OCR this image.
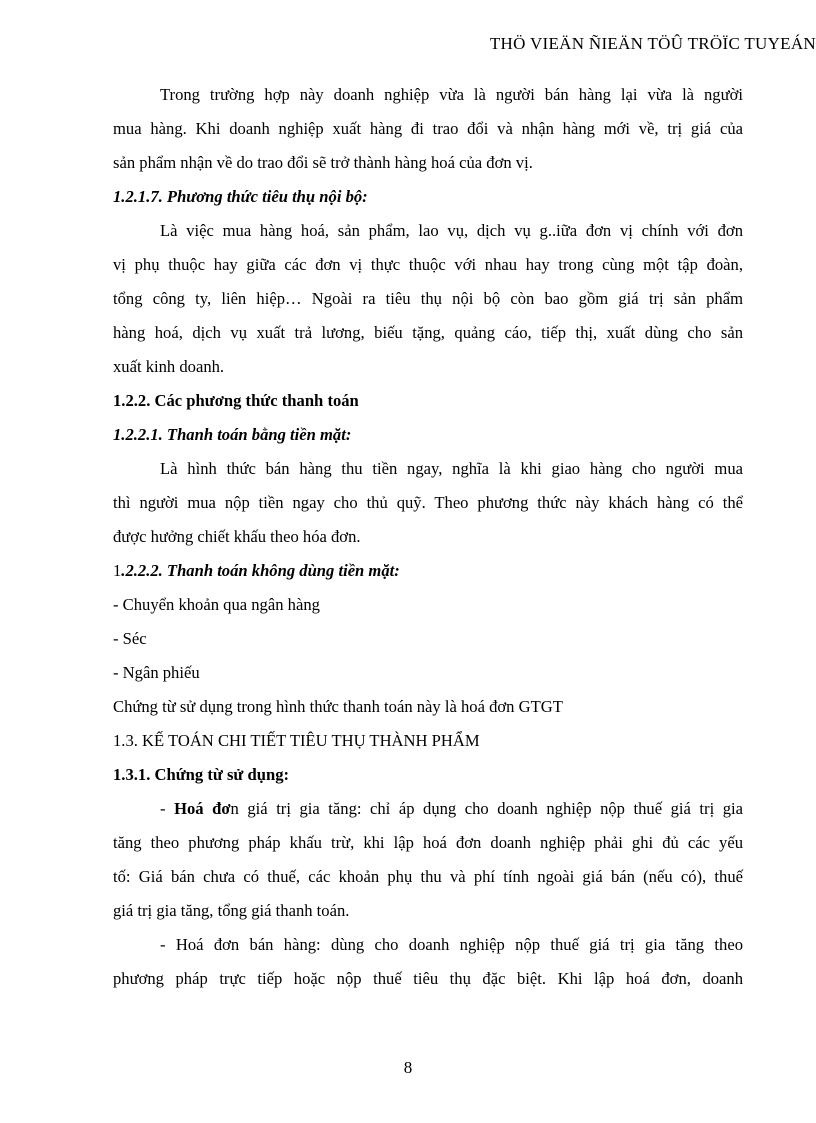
THÖ VIEÄN ÑIEÄN TÖÛ TRÖÏC TUYEÁN

Trong trường hợp này doanh nghiệp vừa là người bán hàng lại vừa là người

mua hàng. Khi doanh nghiệp xuất hàng đi trao đổi và nhận hàng mới về, trị giá của

sản phẩm nhận về do trao đổi sẽ trở thành hàng hoá của đơn vị.

1.2.1.7. Phương thức tiêu thụ nội bộ:

Là việc mua hàng hoá, sản phẩm, lao vụ, dịch vụ g..iữa đơn vị chính với đơn

vị phụ thuộc hay giữa các đơn vị thực thuộc với nhau hay trong cùng một tập đoàn,

tổng công ty, liên hiệp… Ngoài ra tiêu thụ nội bộ còn bao gồm giá trị sản phẩm

hàng hoá, dịch vụ xuất trả lương, biếu tặng, quảng cáo, tiếp thị, xuất dùng cho sản

xuất kinh doanh.

1.2.2. Các phương thức thanh toán

1.2.2.1. Thanh toán bằng tiền mặt:

Là hình thức bán hàng thu tiền ngay, nghĩa là khi giao hàng cho người mua

thì người mua nộp tiền ngay cho thủ quỹ. Theo phương thức này khách hàng có thể

được hưởng chiết khấu theo hóa đơn.

1.2.2.2. Thanh toán không dùng tiền mặt:

- Chuyển khoản qua ngân hàng

- Séc

- Ngân phiếu

Chứng từ sử dụng trong hình thức thanh toán này là hoá đơn GTGT

1.3. KẾ TOÁN CHI TIẾT TIÊU THỤ THÀNH PHẨM

1.3.1. Chứng từ sử dụng:

- Hoá đơn giá trị gia tăng: chỉ áp dụng cho doanh nghiệp nộp thuế giá trị gia

tăng theo phương pháp khấu trừ, khi lập hoá đơn doanh nghiệp phải ghi đủ các yếu

tố: Giá bán chưa có thuế, các khoản phụ thu và phí tính ngoài giá bán (nếu có), thuế

giá trị gia tăng, tổng giá thanh toán.

- Hoá đơn bán hàng: dùng cho doanh nghiệp nộp thuế giá trị gia tăng theo

phương pháp trực tiếp hoặc nộp thuế tiêu thụ đặc biệt. Khi lập hoá đơn, doanh

8
